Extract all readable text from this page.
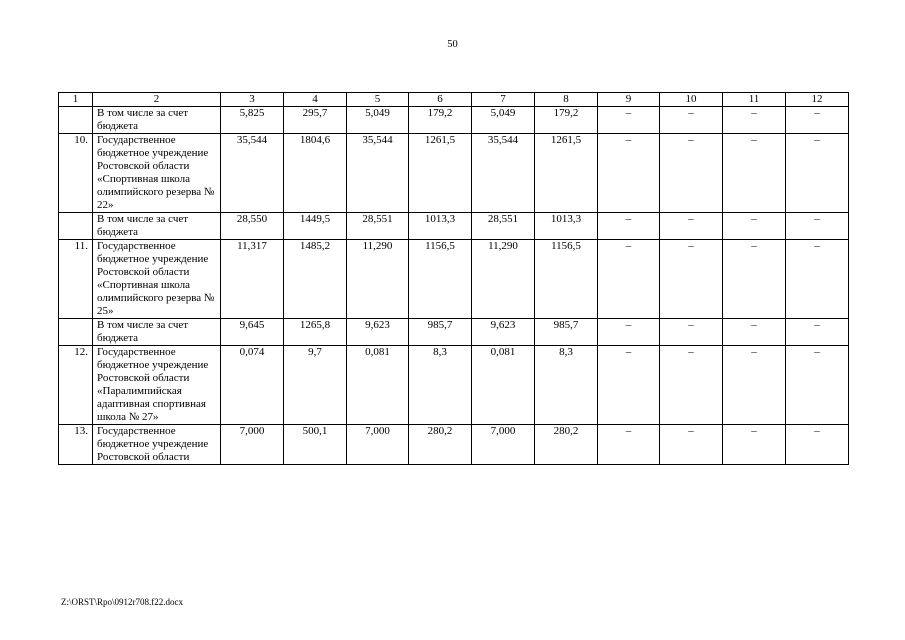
50
1	2	3	4	5	6	7	8	9	10	11	12
	В том числе за счет бюджета	5,825	295,7	5,049	179,2	5,049	179,2	–	–	–	–
10.	Государственное бюджетное учреждение Ростовской области «Спортивная школа олимпийского резерва № 22»	35,544	1804,6	35,544	1261,5	35,544	1261,5	–	–	–	–
	В том числе за счет бюджета	28,550	1449,5	28,551	1013,3	28,551	1013,3	–	–	–	–
11.	Государственное бюджетное учреждение Ростовской области «Спортивная школа олимпийского резерва № 25»	11,317	1485,2	11,290	1156,5	11,290	1156,5	–	–	–	–
	В том числе за счет бюджета	9,645	1265,8	9,623	985,7	9,623	985,7	–	–	–	–
12.	Государственное бюджетное учреждение Ростовской области «Паралимпийская адаптивная спортивная школа № 27»	0,074	9,7	0,081	8,3	0,081	8,3	–	–	–	–
13.	Государственное бюджетное учреждение Ростовской области	7,000	500,1	7,000	280,2	7,000	280,2	–	–	–	–
Z:\ORST\Rpo\0912r708.f22.docx
